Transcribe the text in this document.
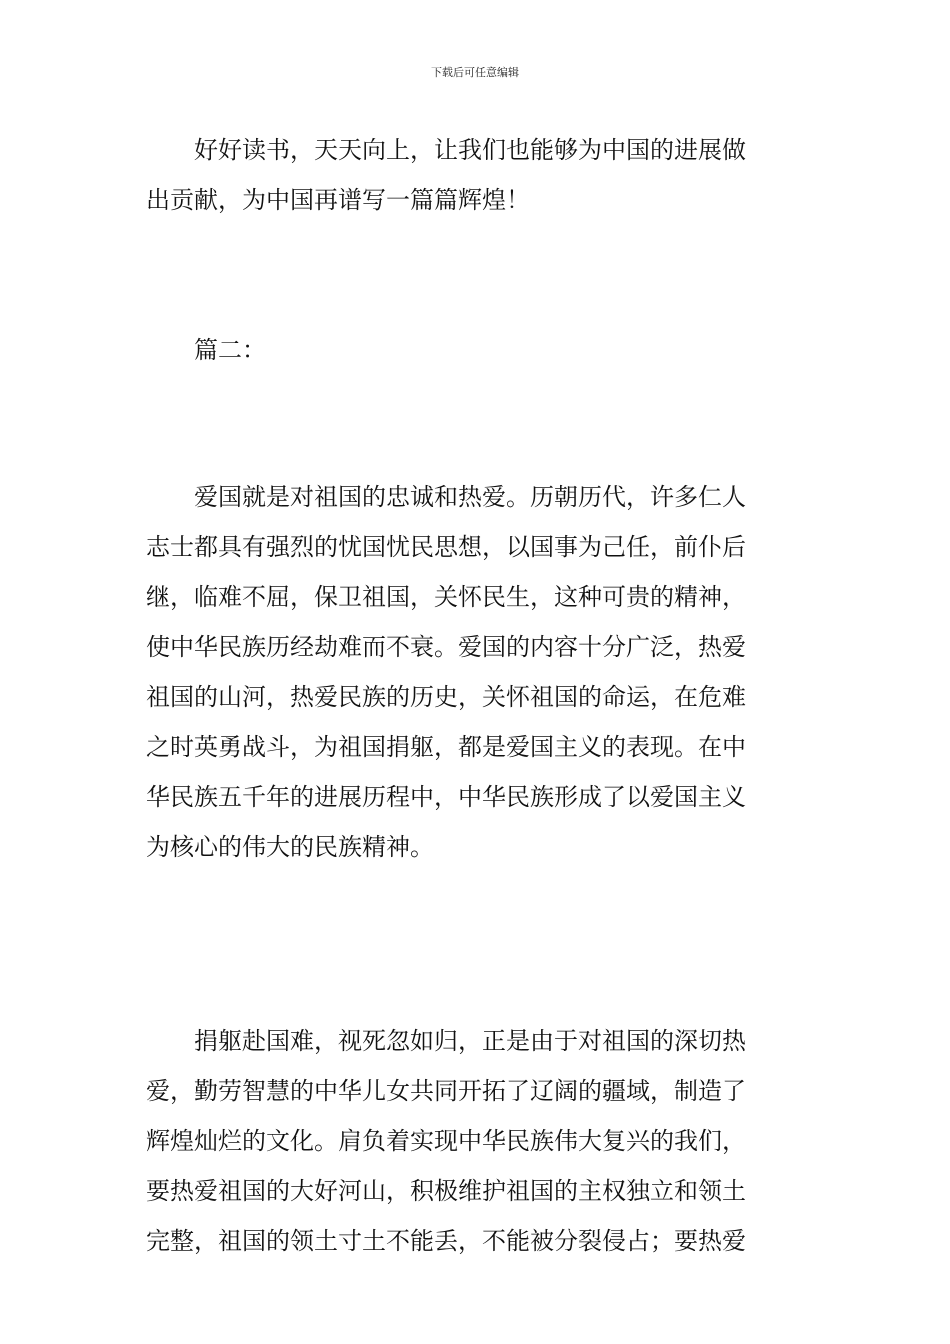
下载后可任意编辑
　　好好读书，天天向上，让我们也能够为中国的进展做
出贡献，为中国再谱写一篇篇辉煌！
　　篇二：
　　爱国就是对祖国的忠诚和热爱。历朝历代，许多仁人
志士都具有强烈的忧国忧民思想，以国事为己任，前仆后
继，临难不屈，保卫祖国，关怀民生，这种可贵的精神，
使中华民族历经劫难而不衰。爱国的内容十分广泛，热爱
祖国的山河，热爱民族的历史，关怀祖国的命运，在危难
之时英勇战斗，为祖国捐躯，都是爱国主义的表现。在中
华民族五千年的进展历程中，中华民族形成了以爱国主义
为核心的伟大的民族精神。
　　捐躯赴国难，视死忽如归，正是由于对祖国的深切热
爱，勤劳智慧的中华儿女共同开拓了辽阔的疆域，制造了
辉煌灿烂的文化。肩负着实现中华民族伟大复兴的我们，
要热爱祖国的大好河山，积极维护祖国的主权独立和领土
完整，祖国的领土寸土不能丢，不能被分裂侵占；要热爱
